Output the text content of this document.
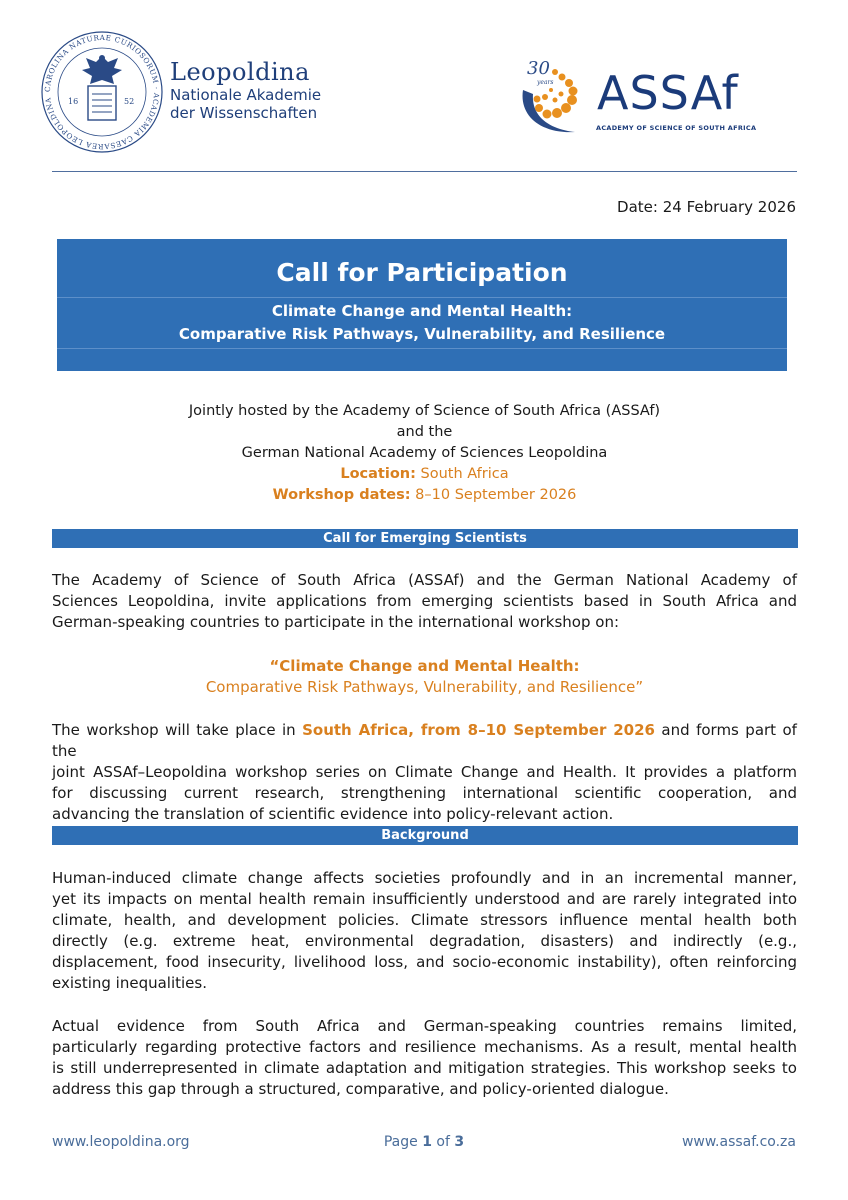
CAROLINA NATURAE CURIOSORUM · ACADEMIA CAESAREA LEOPOLDINA	16	52
Leopoldina
Nationale Akademie
der Wissenschaften
30
years ASSAf
ACADEMY OF SCIENCE OF SOUTH AFRICA
Date: 24 February 2026
Call for Participation
Climate Change and Mental Health:
Comparative Risk Pathways, Vulnerability, and Resilience
Jointly hosted by the Academy of Science of South Africa (ASSAf)
and the
German National Academy of Sciences Leopoldina
Location: South Africa
Workshop dates: 8–10 September 2026
Call for Emerging Scientists
The Academy of Science of South Africa (ASSAf) and the German National Academy of
Sciences Leopoldina, invite applications from emerging scientists based in South Africa and
German-speaking countries to participate in the international workshop on:
“Climate Change and Mental Health:
Comparative Risk Pathways, Vulnerability, and Resilience”
The workshop will take place in South Africa, from 8–10 September 2026 and forms part of the
joint ASSAf–Leopoldina workshop series on Climate Change and Health. It provides a platform
for discussing current research, strengthening international scientific cooperation, and
advancing the translation of scientific evidence into policy-relevant action.
Background
Human-induced climate change affects societies profoundly and in an incremental manner,
yet its impacts on mental health remain insufficiently understood and are rarely integrated into
climate, health, and development policies. Climate stressors influence mental health both
directly (e.g. extreme heat, environmental degradation, disasters) and indirectly (e.g.,
displacement, food insecurity, livelihood loss, and socio-economic instability), often reinforcing
existing inequalities.
Actual evidence from South Africa and German-speaking countries remains limited,
particularly regarding protective factors and resilience mechanisms. As a result, mental health
is still underrepresented in climate adaptation and mitigation strategies. This workshop seeks to
address this gap through a structured, comparative, and policy-oriented dialogue.
www.leopoldina.org	Page 1 of 3	www.assaf.co.za
